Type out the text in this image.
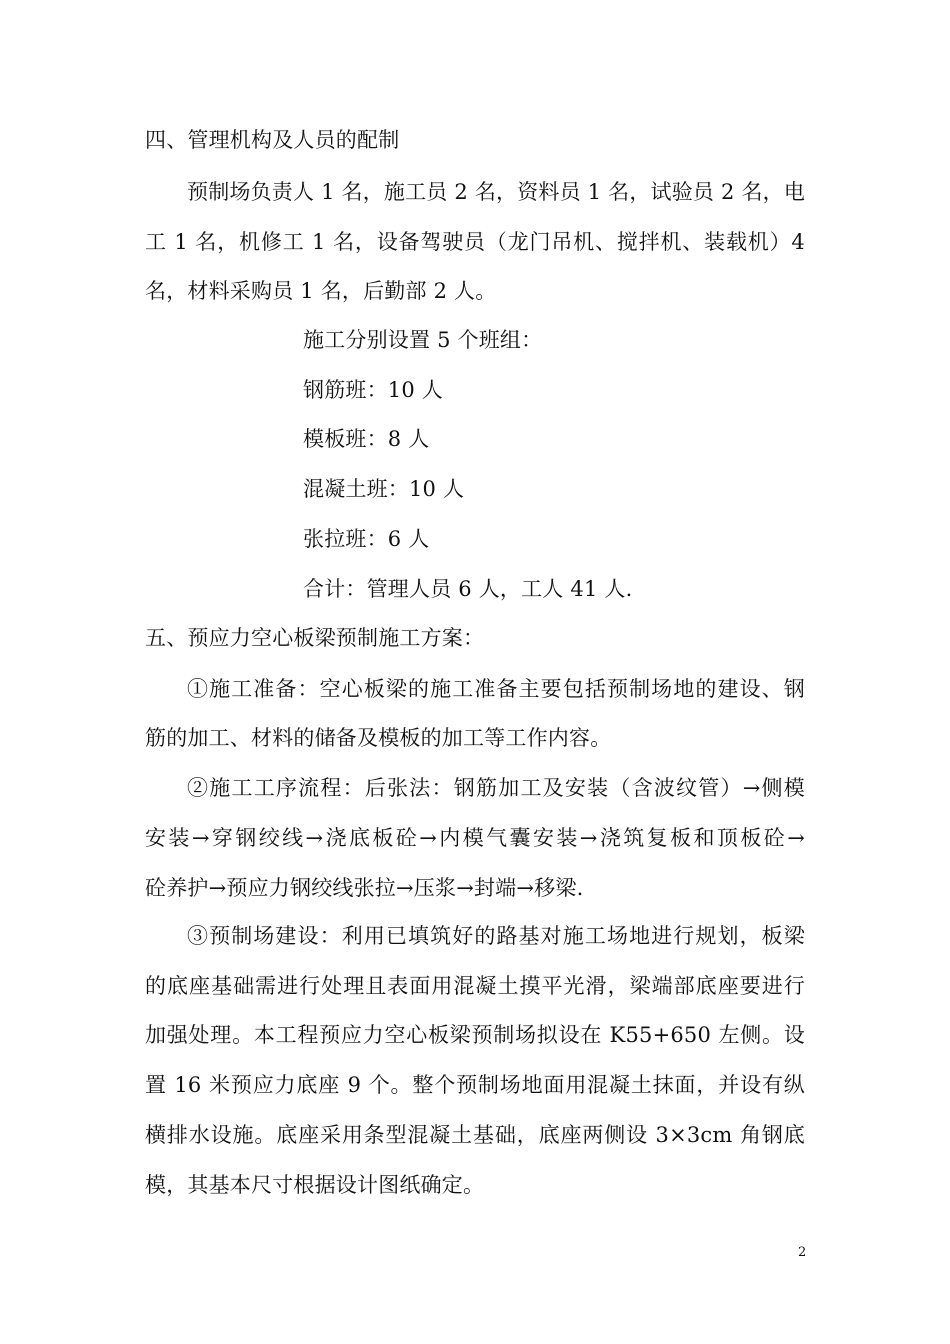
四、管理机构及人员的配制
预制场负责人 1 名，施工员 2 名，资料员 1 名，试验员 2 名，电
工 1 名，机修工 1 名，设备驾驶员（龙门吊机、搅拌机、装载机）4
名，材料采购员 1 名，后勤部 2 人。
施工分别设置 5 个班组：
钢筋班：10 人
模板班：8 人
混凝土班：10 人
张拉班：6 人
合计：管理人员 6 人，工人 41 人.
五、预应力空心板梁预制施工方案：
①施工准备：空心板梁的施工准备主要包括预制场地的建设、钢
筋的加工、材料的储备及模板的加工等工作内容。
②施工工序流程：后张法：钢筋加工及安装（含波纹管）→侧模
安装→穿钢绞线→浇底板砼→内模气囊安装→浇筑复板和顶板砼→
砼养护→预应力钢绞线张拉→压浆→封端→移梁.
③预制场建设：利用已填筑好的路基对施工场地进行规划，板梁
的底座基础需进行处理且表面用混凝土摸平光滑，梁端部底座要进行
加强处理。本工程预应力空心板梁预制场拟设在 K55+650 左侧。设
置 16 米预应力底座 9 个。整个预制场地面用混凝土抹面，并设有纵
横排水设施。底座采用条型混凝土基础，底座两侧设 3×3cm 角钢底
模，其基本尺寸根据设计图纸确定。
2
